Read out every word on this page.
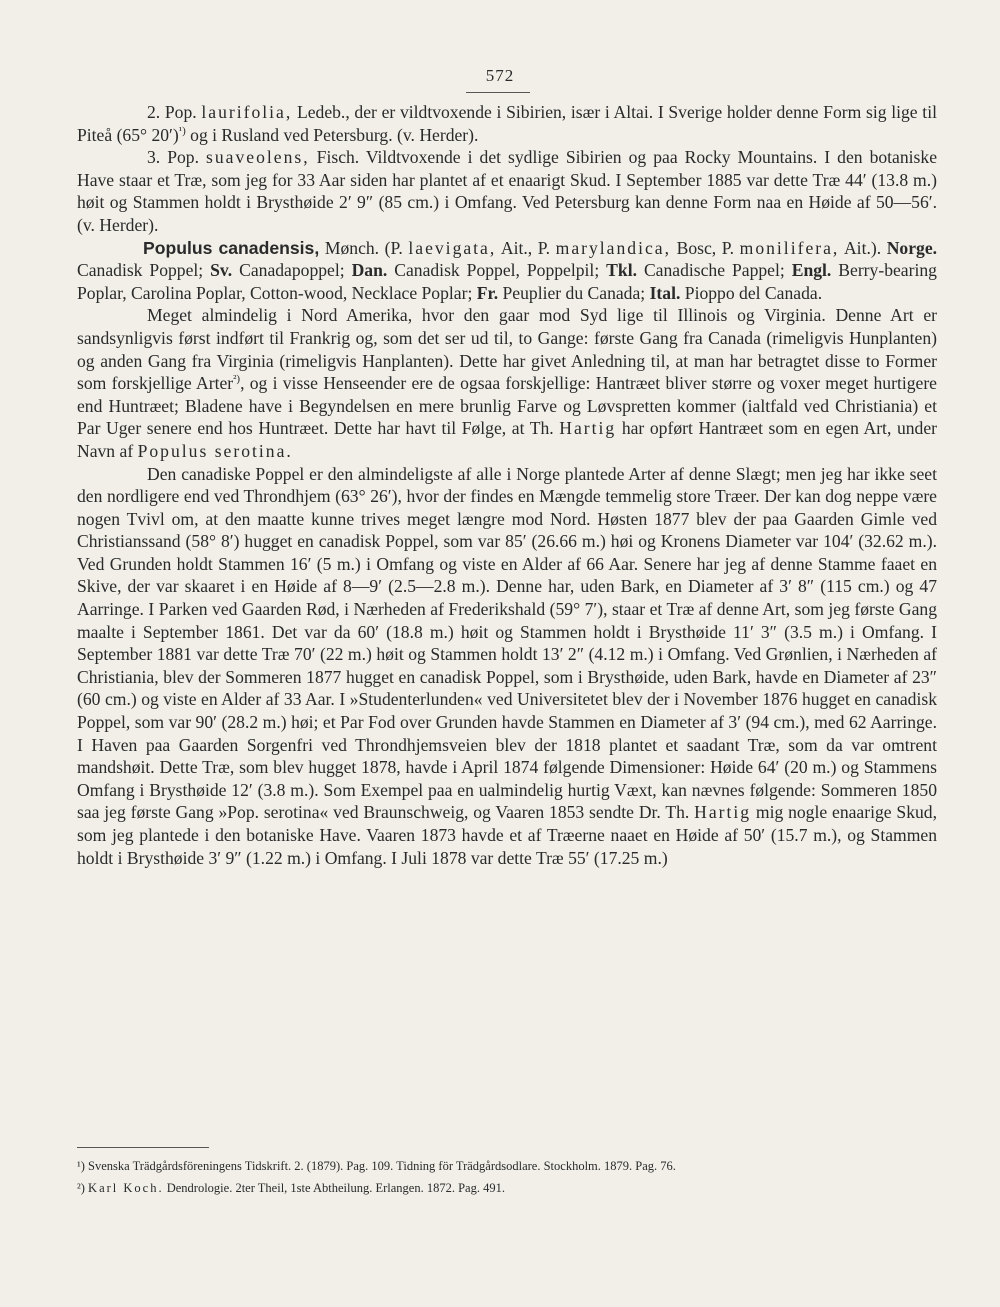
572

2. Pop. laurifolia, Ledeb., der er vildtvoxende i Sibirien, især i Altai. I Sverige holder denne Form sig lige til Piteå (65° 20′)$^{^1)}$ og i Rusland ved Petersburg. (v. Herder).

3. Pop. suaveolens, Fisch. Vildtvoxende i det sydlige Sibirien og paa Rocky Mountains. I den botaniske Have staar et Træ, som jeg for 33 Aar siden har plantet af et enaarigt Skud. I September 1885 var dette Træ 44′ (13.8 m.) høit og Stammen holdt i Brysthøide 2′ 9″ (85 cm.) i Omfang. Ved Petersburg kan denne Form naa en Høide af 50—56′. (v. Herder).

Populus canadensis, Mønch. (P. laevigata, Ait., P. marylandica, Bosc, P. monilifera, Ait.). Norge. Canadisk Poppel; Sv. Canadapoppel; Dan. Canadisk Poppel, Poppelpil; Tkl. Canadische Pappel; Engl. Berry-bearing Poplar, Carolina Poplar, Cotton-wood, Necklace Poplar; Fr. Peuplier du Canada; Ital. Pioppo del Canada.

Meget almindelig i Nord Amerika, hvor den gaar mod Syd lige til Illinois og Virginia. Denne Art er sandsynligvis først indført til Frankrig og, som det ser ud til, to Gange: første Gang fra Canada (rimeligvis Hunplanten) og anden Gang fra Virginia (rimeligvis Hanplanten). Dette har givet Anledning til, at man har betragtet disse to Former som forskjellige Arter$^{^2)}$, og i visse Henseender ere de ogsaa forskjellige: Hantræet bliver større og voxer meget hurtigere end Huntræet; Bladene have i Begyndelsen en mere brunlig Farve og Løvspretten kommer (ialtfald ved Christiania) et Par Uger senere end hos Huntræet. Dette har havt til Følge, at Th. Hartig har opført Hantræet som en egen Art, under Navn af Populus serotina.

Den canadiske Poppel er den almindeligste af alle i Norge plantede Arter af denne Slægt; men jeg har ikke seet den nordligere end ved Throndhjem (63° 26′), hvor der findes en Mængde temmelig store Træer. Der kan dog neppe være nogen Tvivl om, at den maatte kunne trives meget længre mod Nord. Høsten 1877 blev der paa Gaarden Gimle ved Christianssand (58° 8′) hugget en canadisk Poppel, som var 85′ (26.66 m.) høi og Kronens Diameter var 104′ (32.62 m.). Ved Grunden holdt Stammen 16′ (5 m.) i Omfang og viste en Alder af 66 Aar. Senere har jeg af denne Stamme faaet en Skive, der var skaaret i en Høide af 8—9′ (2.5—2.8 m.). Denne har, uden Bark, en Diameter af 3′ 8″ (115 cm.) og 47 Aarringe. I Parken ved Gaarden Rød, i Nærheden af Frederikshald (59° 7′), staar et Træ af denne Art, som jeg første Gang maalte i September 1861. Det var da 60′ (18.8 m.) høit og Stammen holdt i Brysthøide 11′ 3″ (3.5 m.) i Omfang. I September 1881 var dette Træ 70′ (22 m.) høit og Stammen holdt 13′ 2″ (4.12 m.) i Omfang. Ved Grønlien, i Nærheden af Christiania, blev der Sommeren 1877 hugget en canadisk Poppel, som i Brysthøide, uden Bark, havde en Diameter af 23″ (60 cm.) og viste en Alder af 33 Aar. I »Studenterlunden« ved Universitetet blev der i November 1876 hugget en canadisk Poppel, som var 90′ (28.2 m.) høi; et Par Fod over Grunden havde Stammen en Diameter af 3′ (94 cm.), med 62 Aarringe. I Haven paa Gaarden Sorgenfri ved Throndhjemsveien blev der 1818 plantet et saadant Træ, som da var omtrent mandshøit. Dette Træ, som blev hugget 1878, havde i April 1874 følgende Dimensioner: Høide 64′ (20 m.) og Stammens Omfang i Brysthøide 12′ (3.8 m.). Som Exempel paa en ualmindelig hurtig Væxt, kan nævnes følgende: Sommeren 1850 saa jeg første Gang »Pop. serotina« ved Braunschweig, og Vaaren 1853 sendte Dr. Th. Hartig mig nogle enaarige Skud, som jeg plantede i den botaniske Have. Vaaren 1873 havde et af Træerne naaet en Høide af 50′ (15.7 m.), og Stammen holdt i Brysthøide 3′ 9″ (1.22 m.) i Omfang. I Juli 1878 var dette Træ 55′ (17.25 m.)

¹) Svenska Trädgårdsföreningens Tidskrift. 2. (1879). Pag. 109. Tidning för Trädgårdsodlare. Stockholm. 1879. Pag. 76.

²) Karl Koch. Dendrologie. 2ter Theil, 1ste Abtheilung. Erlangen. 1872. Pag. 491.
